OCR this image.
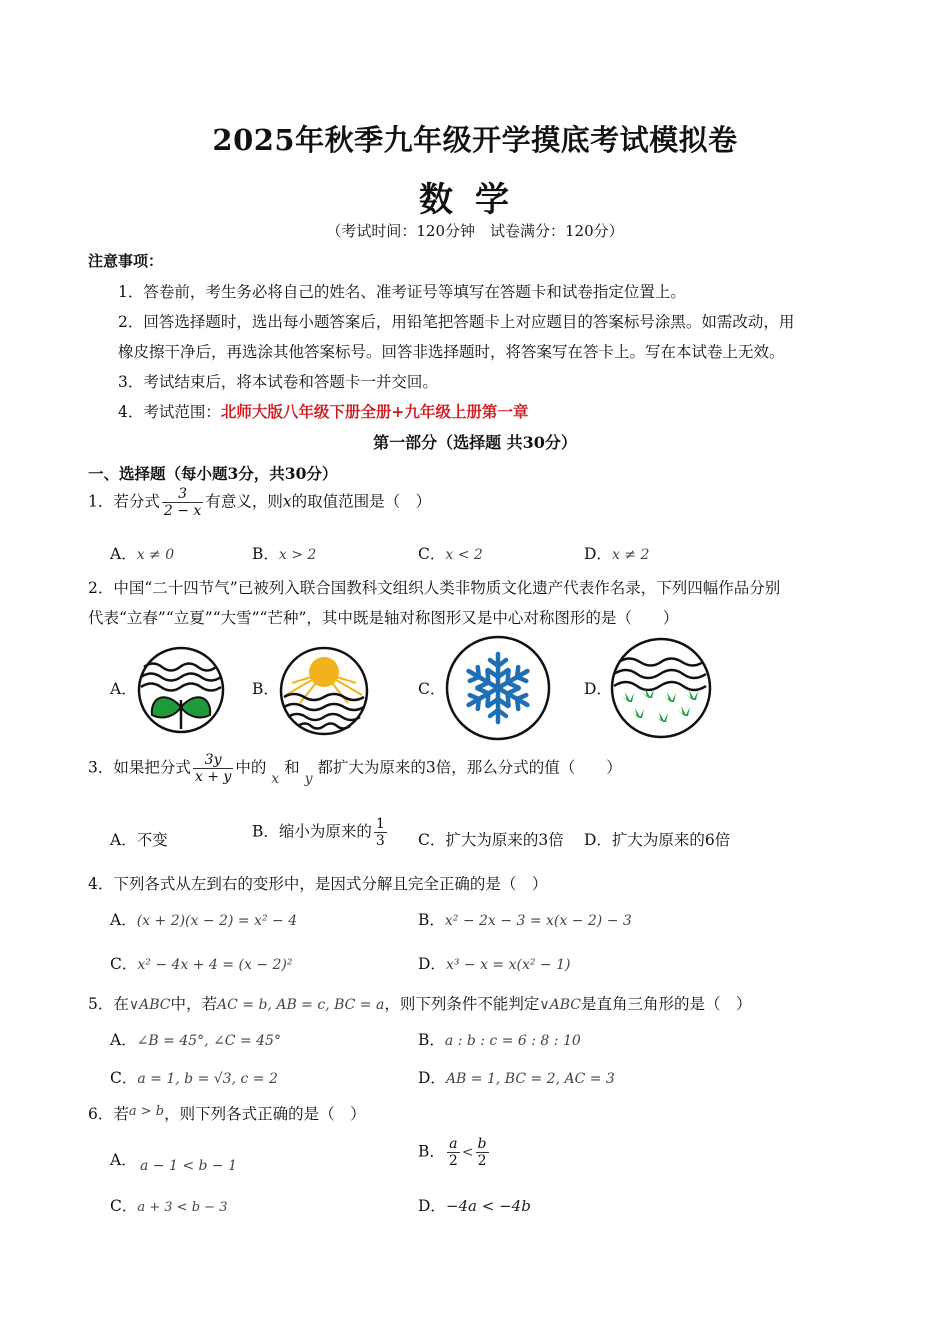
2025年秋季九年级开学摸底考试模拟卷
数学
（考试时间：120分钟　试卷满分：120分）
注意事项：
1．答卷前，考生务必将自己的姓名、准考证号等填写在答题卡和试卷指定位置上。
2．回答选择题时，选出每小题答案后，用铅笔把答题卡上对应题目的答案标号涂黑。如需改动，用
橡皮擦干净后，再选涂其他答案标号。回答非选择题时，将答案写在答卡上。写在本试卷上无效。
3．考试结束后，将本试卷和答题卡一并交回。
4．考试范围：北师大版八年级下册全册+九年级上册第一章
第一部分（选择题 共30分）
一、选择题（每小题3分，共30分）
1．若分式 $\frac{3}{2 - x}$ 有意义，则x的取值范围是（　）
A．x ≠ 0	B．x > 2	C．x < 2	D．x ≠ 2
2．中国“二十四节气”已被列入联合国教科文组织人类非物质文化遗产代表作名录，下列四幅作品分别
代表“立春”“立夏”“大雪”“芒种”，其中既是轴对称图形又是中心对称图形的是（　　）
A．	B．	C．	D．
3．如果把分式 $\frac{3y}{x + y}$ 中的 x 和 y 都扩大为原来的3倍，那么分式的值（　　）
A．不变	B．缩小为原来的 $\frac{1}{3}$ C．扩大为原来的3倍 D．扩大为原来的6倍
4．下列各式从左到右的变形中，是因式分解且完全正确的是（　）
A．(x + 2)(x − 2) = x² − 4	B．x² − 2x − 3 = x(x − 2) − 3
C．x² − 4x + 4 = (x − 2)²	D．x³ − x = x(x² − 1)
5．在∨ABC中，若AC = b, AB = c, BC = a，则下列条件不能判定∨ABC是直角三角形的是（　）
A．∠B = 45°, ∠C = 45°	B．a : b : c = 6 : 8 : 10
C．a = 1, b = √3, c = 2	D．AB = 1, BC = 2, AC = 3
6．若$^{a > b}$，则下列各式正确的是（　）
A． a − 1 < b − 1
B． $\frac{a}{2} < \frac{b}{2}$
C．a + 3 < b − 3	D．−4a < −4b
